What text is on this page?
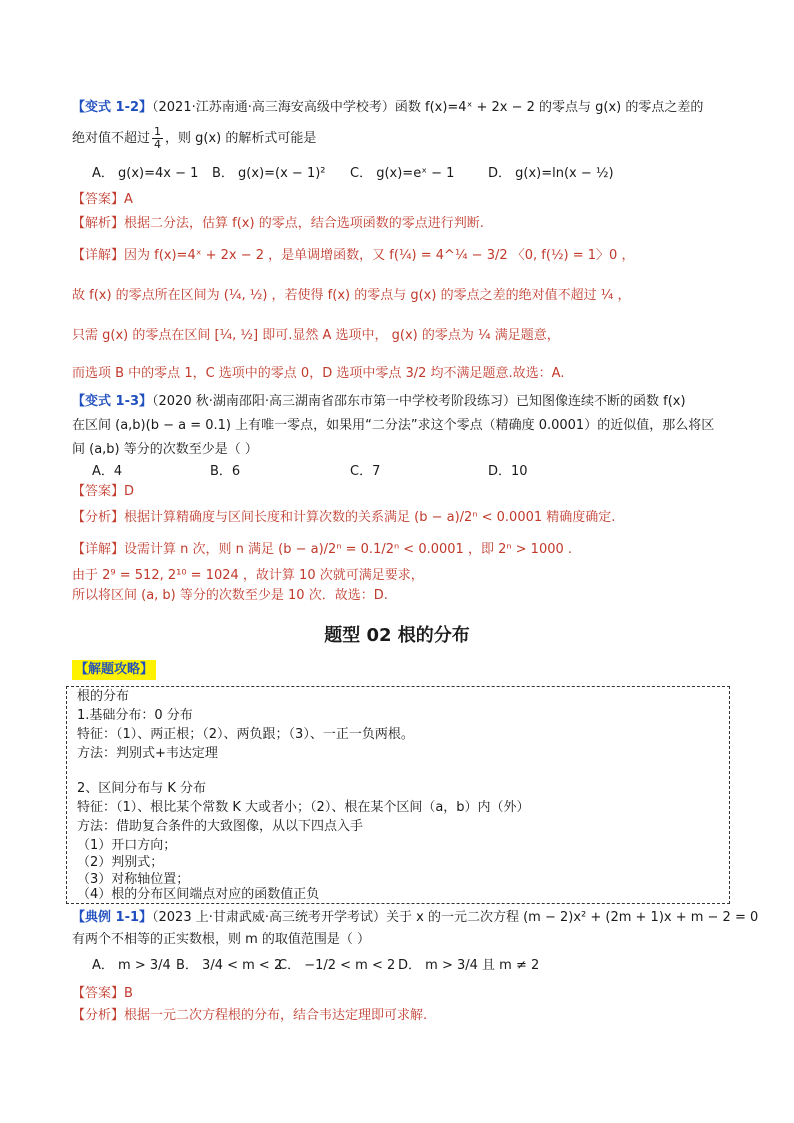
【变式 1-2】（2021·江苏南通·高三海安高级中学校考）函数 f(x)=4ˣ + 2x − 2 的零点与 g(x) 的零点之差的
绝对值不超过 $\frac{1}{4}$ ，则 g(x) 的解析式可能是
A． g(x)=4x − 1 B． g(x)=(x − 1)² C． g(x)=eˣ − 1	D． g(x)=ln(x − ½)
【答案】A
【解析】根据二分法，估算 f(x) 的零点，结合选项函数的零点进行判断.
【详解】因为 f(x)=4ˣ + 2x − 2 ，是单调增函数，又 f(¼) = 4^¼ − 3/2 〈0, f(½) = 1〉0 ，
故 f(x) 的零点所在区间为 (¼, ½) ，若使得 f(x) 的零点与 g(x) 的零点之差的绝对值不超过 ¼ ，
只需 g(x) 的零点在区间 [¼, ½] 即可.显然 A 选项中， g(x) 的零点为 ¼ 满足题意，
而选项 B 中的零点 1，C 选项中的零点 0，D 选项中零点 3/2 均不满足题意.故选：A.
【变式 1-3】（2020 秋·湖南邵阳·高三湖南省邵东市第一中学校考阶段练习）已知图像连续不断的函数 f(x)
在区间 (a,b)(b − a = 0.1) 上有唯一零点，如果用“二分法”求这个零点（精确度 0.0001）的近似值，那么将区
间 (a,b) 等分的次数至少是（ ）
A．4	B．6	C．7	D．10
【答案】D
【分析】根据计算精确度与区间长度和计算次数的关系满足 (b − a)/2ⁿ < 0.0001 精确度确定.
【详解】设需计算 n 次，则 n 满足 (b − a)/2ⁿ = 0.1/2ⁿ < 0.0001 ，即 2ⁿ > 1000 .
由于 2⁹ = 512, 2¹⁰ = 1024 ，故计算 10 次就可满足要求，
所以将区间 (a, b) 等分的次数至少是 10 次．故选：D.
题型 02 根的分布
【解题攻略】
根的分布
1.基础分布：0 分布
特征：（1）、两正根；（2）、两负跟；（3）、一正一负两根。
方法：判别式+韦达定理
2、区间分布与 K 分布
特征：（1）、根比某个常数 K 大或者小；（2）、根在某个区间（a，b）内（外）
方法：借助复合条件的大致图像，从以下四点入手
（1）开口方向；
（2）判别式；
（3）对称轴位置；
（4）根的分布区间端点对应的函数值正负
【典例 1-1】（2023 上·甘肃武威·高三统考开学考试）关于 x 的一元二次方程 (m − 2)x² + (2m + 1)x + m − 2 = 0
有两个不相等的正实数根，则 m 的取值范围是（ ）
A． m > 3/4 B． 3/4 < m < 2
C． −1/2 < m < 2 D． m > 3/4 且 m ≠ 2
【答案】B
【分析】根据一元二次方程根的分布，结合韦达定理即可求解.
